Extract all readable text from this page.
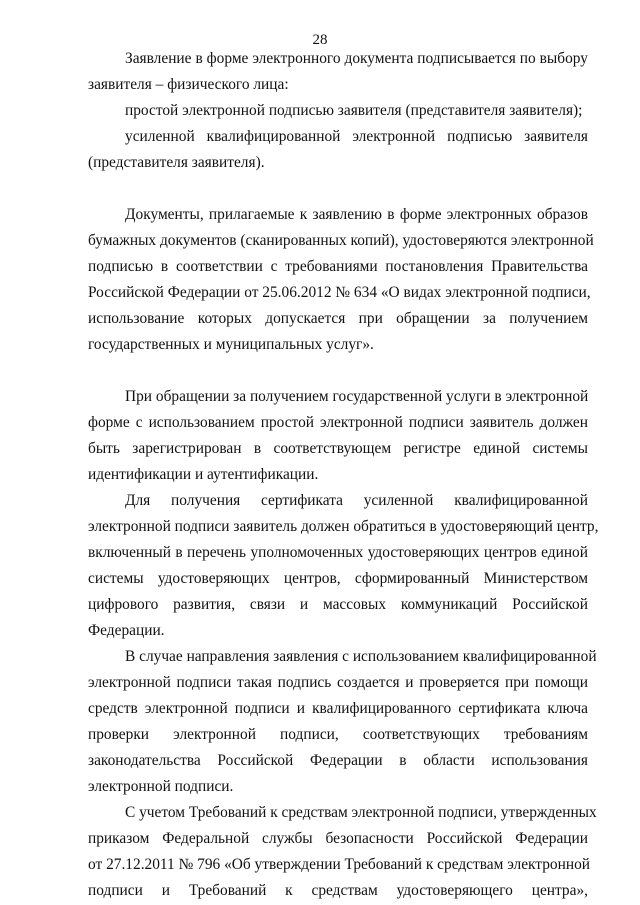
28
Заявление в форме электронного документа подписывается по выбору
заявителя – физического лица:
простой электронной подписью заявителя (представителя заявителя);
усиленной квалифицированной электронной подписью заявителя
(представителя заявителя).
Документы, прилагаемые к заявлению в форме электронных образов
бумажных документов (сканированных копий), удостоверяются электронной
подписью в соответствии с требованиями постановления Правительства
Российской Федерации от 25.06.2012 № 634 «О видах электронной подписи,
использование которых допускается при обращении за получением
государственных и муниципальных услуг».
При обращении за получением государственной услуги в электронной
форме с использованием простой электронной подписи заявитель должен
быть зарегистрирован в соответствующем регистре единой системы
идентификации и аутентификации.
Для получения сертификата усиленной квалифицированной
электронной подписи заявитель должен обратиться в удостоверяющий центр,
включенный в перечень уполномоченных удостоверяющих центров единой
системы удостоверяющих центров, сформированный Министерством
цифрового развития, связи и массовых коммуникаций Российской
Федерации.
В случае направления заявления с использованием квалифицированной
электронной подписи такая подпись создается и проверяется при помощи
средств электронной подписи и квалифицированного сертификата ключа
проверки электронной подписи, соответствующих требованиям
законодательства Российской Федерации в области использования
электронной подписи.
С учетом Требований к средствам электронной подписи, утвержденных
приказом Федеральной службы безопасности Российской Федерации
от 27.12.2011 № 796 «Об утверждении Требований к средствам электронной
подписи и Требований к средствам удостоверяющего центра»,
